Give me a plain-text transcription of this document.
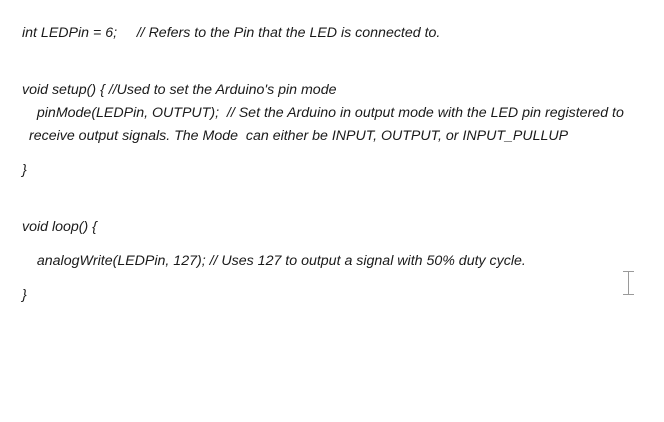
int LEDPin = 6;     // Refers to the Pin that the LED is connected to.
void setup() { //Used to set the Arduino's pin mode
pinMode(LEDPin, OUTPUT);  // Set the Arduino in output mode with the LED pin registered to receive output signals. The Mode  can either be INPUT, OUTPUT, or INPUT_PULLUP
}
void loop() {
analogWrite(LEDPin, 127); // Uses 127 to output a signal with 50% duty cycle.
}
